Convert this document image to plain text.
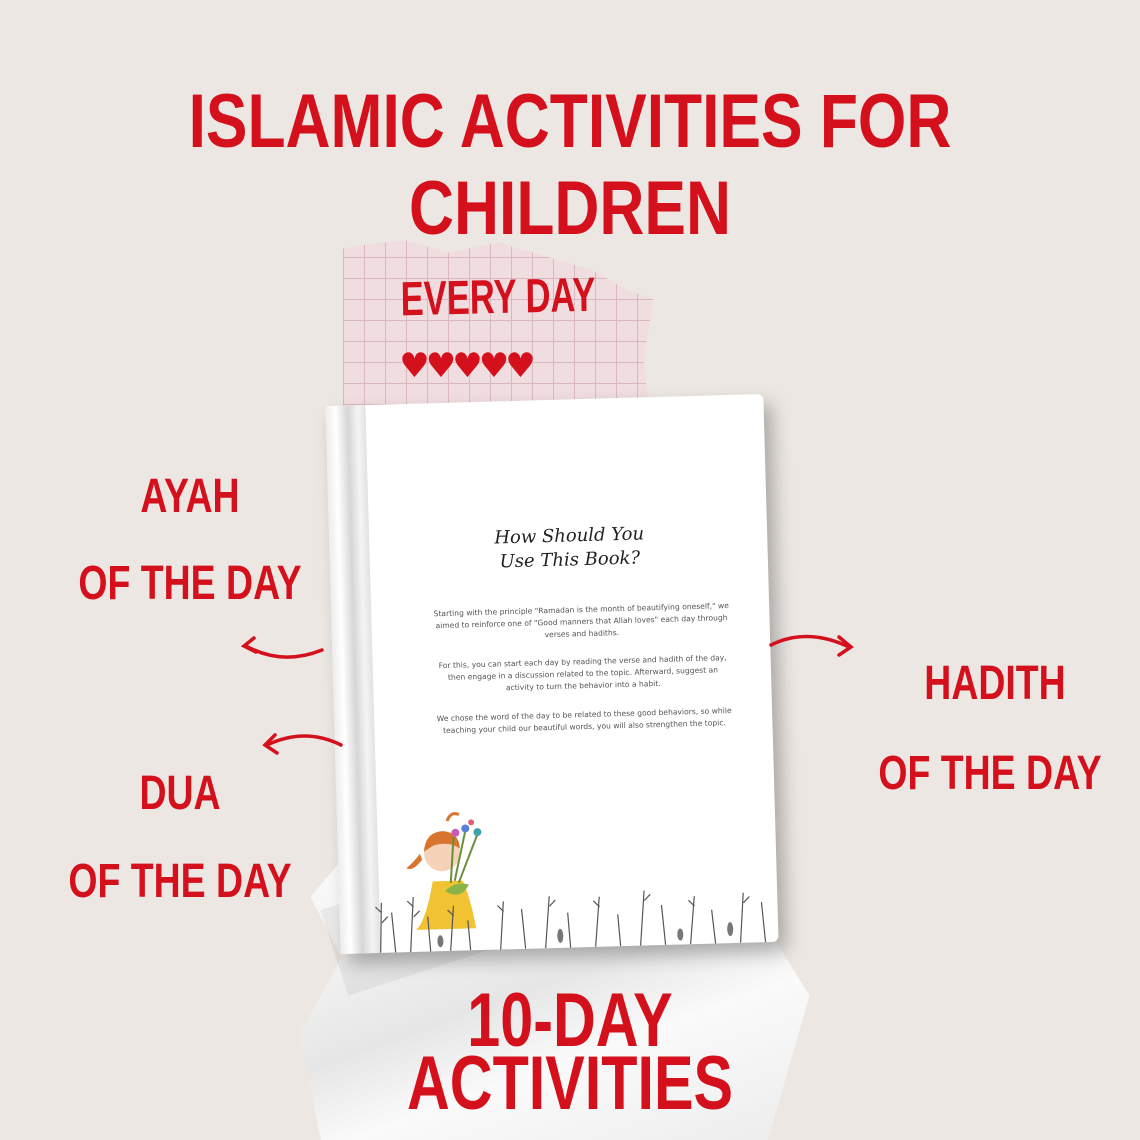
ISLAMIC ACTIVITIES FOR CHILDREN
EVERY DAY
♥♥♥♥♥
How Should You
Use This Book?
Starting with the principle "Ramadan is the month of beautifying oneself," we aimed to reinforce one of "Good manners that Allah loves" each day through verses and hadiths.
For this, you can start each day by reading the verse and hadith of the day, then engage in a discussion related to the topic. Afterward, suggest an activity to turn the behavior into a habit.
We chose the word of the day to be related to these good behaviors, so while teaching your child our beautiful words, you will also strengthen the topic.
AYAH
OF THE DAY
DUA
OF THE DAY
HADITH
OF THE DAY
10-DAY
ACTIVITIES
